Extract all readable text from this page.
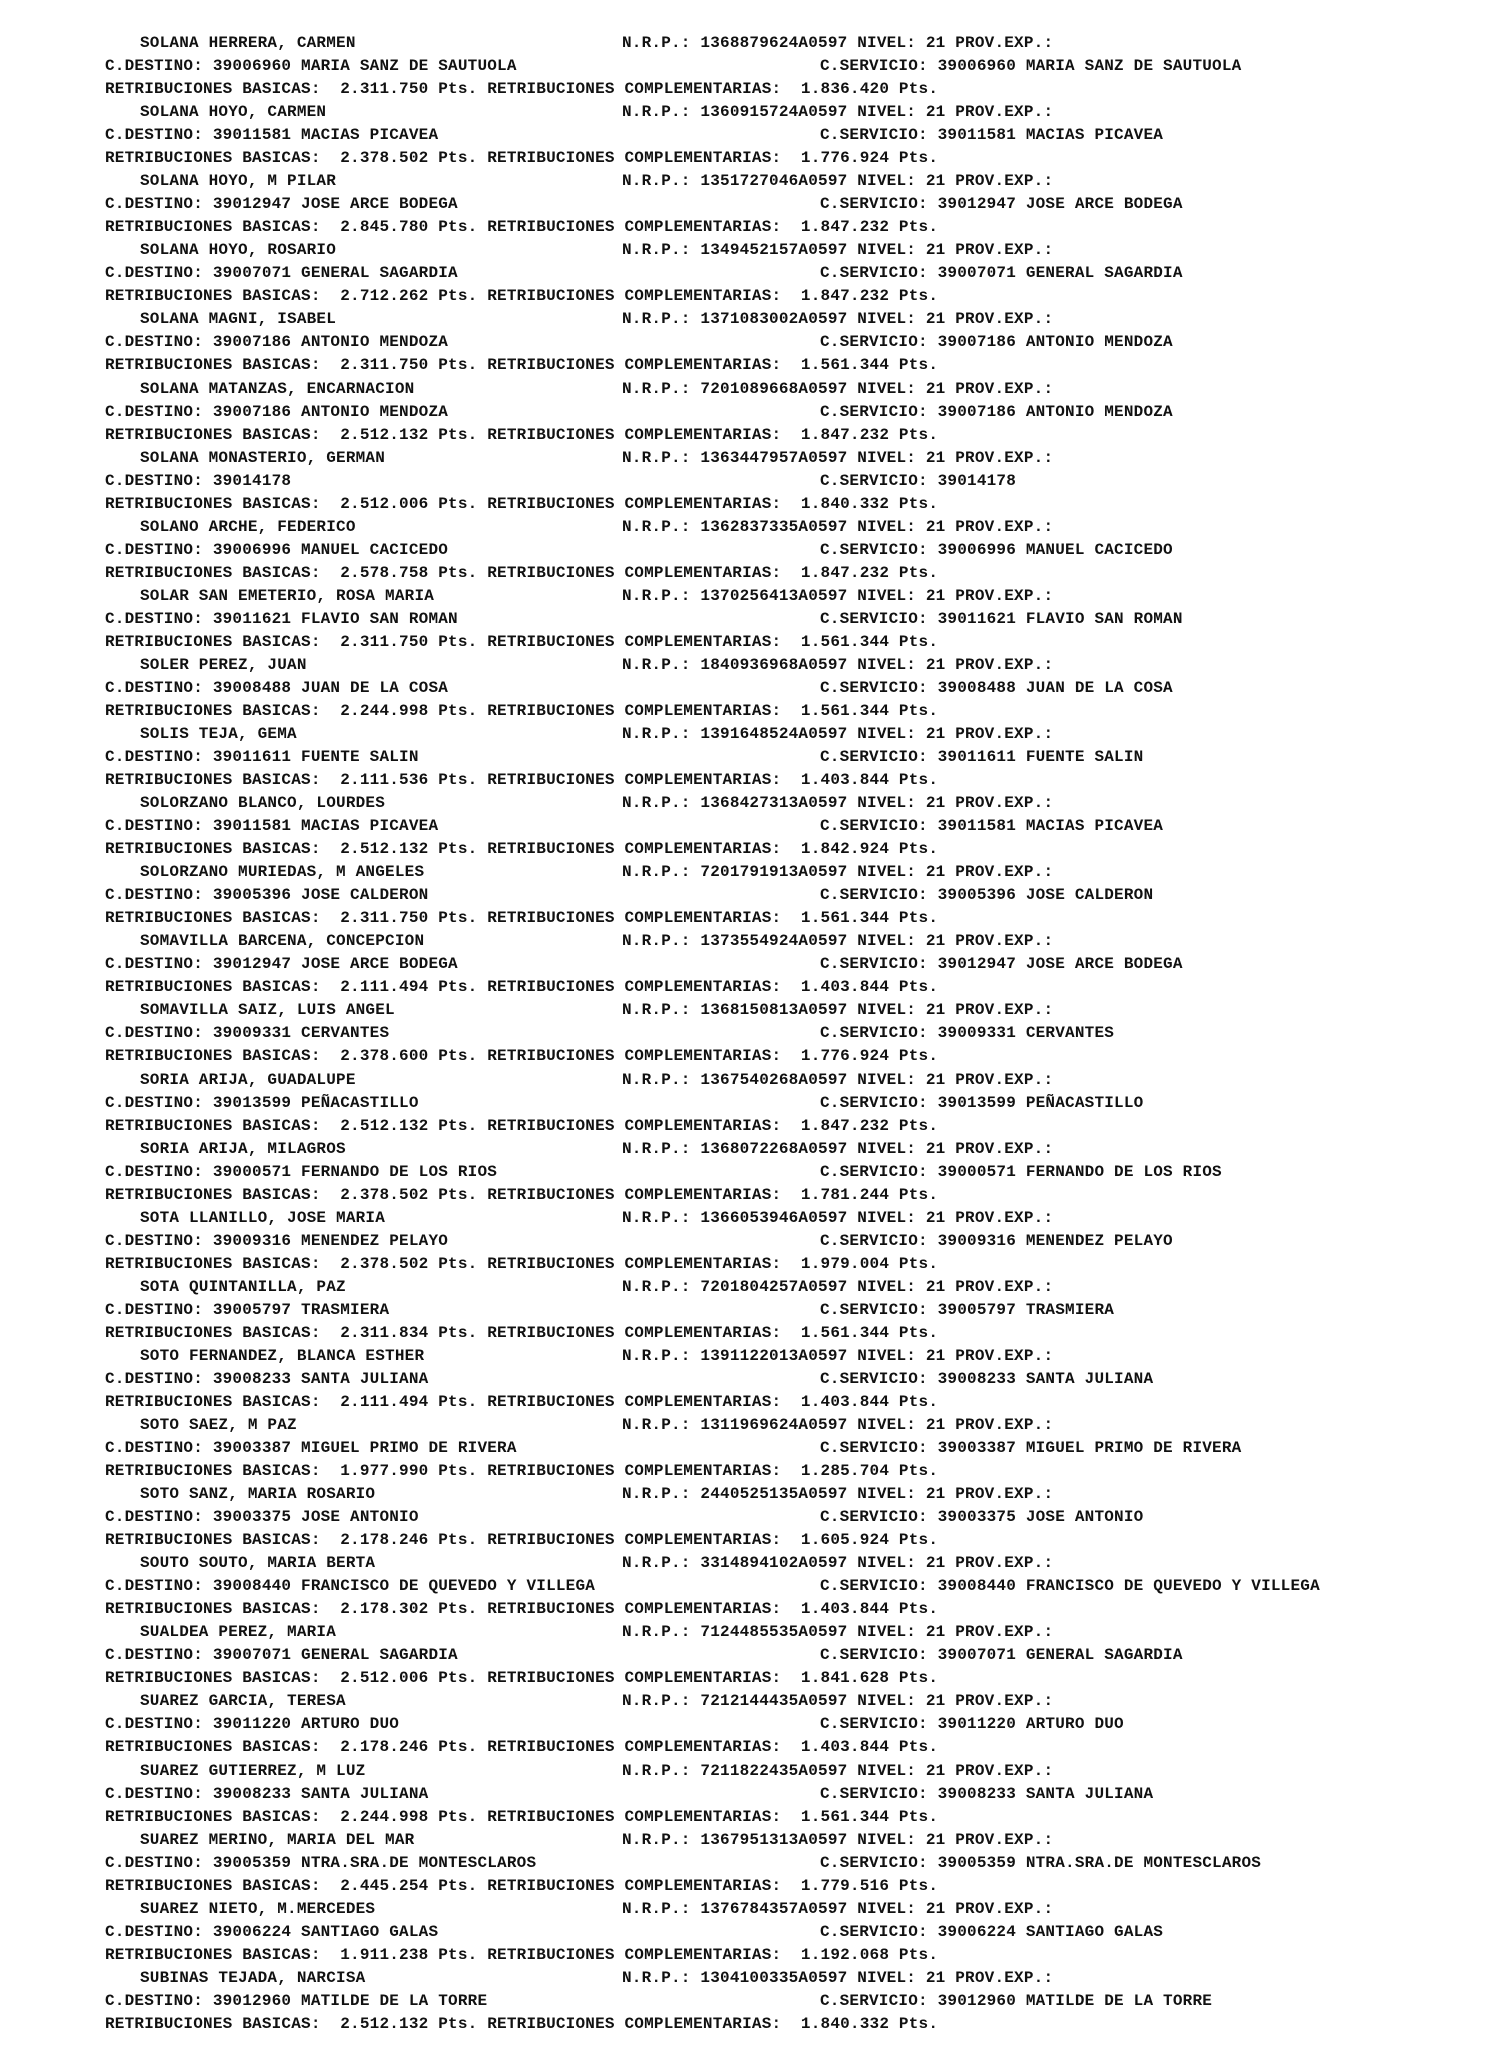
SOLANA HERRERA, CARMEN	N.R.P.: 1368879624A0597 NIVEL: 21 PROV.EXP.:
C.DESTINO: 39006960 MARIA SANZ DE SAUTUOLA	C.SERVICIO: 39006960 MARIA SANZ DE SAUTUOLA
RETRIBUCIONES BASICAS:  2.311.750 Pts. RETRIBUCIONES COMPLEMENTARIAS:  1.836.420 Pts.
SOLANA HOYO, CARMEN	N.R.P.: 1360915724A0597 NIVEL: 21 PROV.EXP.:
C.DESTINO: 39011581 MACIAS PICAVEA	C.SERVICIO: 39011581 MACIAS PICAVEA
RETRIBUCIONES BASICAS:  2.378.502 Pts. RETRIBUCIONES COMPLEMENTARIAS:  1.776.924 Pts.
SOLANA HOYO, M PILAR	N.R.P.: 1351727046A0597 NIVEL: 21 PROV.EXP.:
C.DESTINO: 39012947 JOSE ARCE BODEGA	C.SERVICIO: 39012947 JOSE ARCE BODEGA
RETRIBUCIONES BASICAS:  2.845.780 Pts. RETRIBUCIONES COMPLEMENTARIAS:  1.847.232 Pts.
SOLANA HOYO, ROSARIO	N.R.P.: 1349452157A0597 NIVEL: 21 PROV.EXP.:
C.DESTINO: 39007071 GENERAL SAGARDIA	C.SERVICIO: 39007071 GENERAL SAGARDIA
RETRIBUCIONES BASICAS:  2.712.262 Pts. RETRIBUCIONES COMPLEMENTARIAS:  1.847.232 Pts.
SOLANA MAGNI, ISABEL	N.R.P.: 1371083002A0597 NIVEL: 21 PROV.EXP.:
C.DESTINO: 39007186 ANTONIO MENDOZA	C.SERVICIO: 39007186 ANTONIO MENDOZA
RETRIBUCIONES BASICAS:  2.311.750 Pts. RETRIBUCIONES COMPLEMENTARIAS:  1.561.344 Pts.
SOLANA MATANZAS, ENCARNACION	N.R.P.: 7201089668A0597 NIVEL: 21 PROV.EXP.:
C.DESTINO: 39007186 ANTONIO MENDOZA	C.SERVICIO: 39007186 ANTONIO MENDOZA
RETRIBUCIONES BASICAS:  2.512.132 Pts. RETRIBUCIONES COMPLEMENTARIAS:  1.847.232 Pts.
SOLANA MONASTERIO, GERMAN	N.R.P.: 1363447957A0597 NIVEL: 21 PROV.EXP.:
C.DESTINO: 39014178	C.SERVICIO: 39014178
RETRIBUCIONES BASICAS:  2.512.006 Pts. RETRIBUCIONES COMPLEMENTARIAS:  1.840.332 Pts.
SOLANO ARCHE, FEDERICO	N.R.P.: 1362837335A0597 NIVEL: 21 PROV.EXP.:
C.DESTINO: 39006996 MANUEL CACICEDO	C.SERVICIO: 39006996 MANUEL CACICEDO
RETRIBUCIONES BASICAS:  2.578.758 Pts. RETRIBUCIONES COMPLEMENTARIAS:  1.847.232 Pts.
SOLAR SAN EMETERIO, ROSA MARIA	N.R.P.: 1370256413A0597 NIVEL: 21 PROV.EXP.:
C.DESTINO: 39011621 FLAVIO SAN ROMAN	C.SERVICIO: 39011621 FLAVIO SAN ROMAN
RETRIBUCIONES BASICAS:  2.311.750 Pts. RETRIBUCIONES COMPLEMENTARIAS:  1.561.344 Pts.
SOLER PEREZ, JUAN	N.R.P.: 1840936968A0597 NIVEL: 21 PROV.EXP.:
C.DESTINO: 39008488 JUAN DE LA COSA	C.SERVICIO: 39008488 JUAN DE LA COSA
RETRIBUCIONES BASICAS:  2.244.998 Pts. RETRIBUCIONES COMPLEMENTARIAS:  1.561.344 Pts.
SOLIS TEJA, GEMA	N.R.P.: 1391648524A0597 NIVEL: 21 PROV.EXP.:
C.DESTINO: 39011611 FUENTE SALIN	C.SERVICIO: 39011611 FUENTE SALIN
RETRIBUCIONES BASICAS:  2.111.536 Pts. RETRIBUCIONES COMPLEMENTARIAS:  1.403.844 Pts.
SOLORZANO BLANCO, LOURDES	N.R.P.: 1368427313A0597 NIVEL: 21 PROV.EXP.:
C.DESTINO: 39011581 MACIAS PICAVEA	C.SERVICIO: 39011581 MACIAS PICAVEA
RETRIBUCIONES BASICAS:  2.512.132 Pts. RETRIBUCIONES COMPLEMENTARIAS:  1.842.924 Pts.
SOLORZANO MURIEDAS, M ANGELES	N.R.P.: 7201791913A0597 NIVEL: 21 PROV.EXP.:
C.DESTINO: 39005396 JOSE CALDERON	C.SERVICIO: 39005396 JOSE CALDERON
RETRIBUCIONES BASICAS:  2.311.750 Pts. RETRIBUCIONES COMPLEMENTARIAS:  1.561.344 Pts.
SOMAVILLA BARCENA, CONCEPCION	N.R.P.: 1373554924A0597 NIVEL: 21 PROV.EXP.:
C.DESTINO: 39012947 JOSE ARCE BODEGA	C.SERVICIO: 39012947 JOSE ARCE BODEGA
RETRIBUCIONES BASICAS:  2.111.494 Pts. RETRIBUCIONES COMPLEMENTARIAS:  1.403.844 Pts.
SOMAVILLA SAIZ, LUIS ANGEL	N.R.P.: 1368150813A0597 NIVEL: 21 PROV.EXP.:
C.DESTINO: 39009331 CERVANTES	C.SERVICIO: 39009331 CERVANTES
RETRIBUCIONES BASICAS:  2.378.600 Pts. RETRIBUCIONES COMPLEMENTARIAS:  1.776.924 Pts.
SORIA ARIJA, GUADALUPE	N.R.P.: 1367540268A0597 NIVEL: 21 PROV.EXP.:
C.DESTINO: 39013599 PEÑACASTILLO	C.SERVICIO: 39013599 PEÑACASTILLO
RETRIBUCIONES BASICAS:  2.512.132 Pts. RETRIBUCIONES COMPLEMENTARIAS:  1.847.232 Pts.
SORIA ARIJA, MILAGROS	N.R.P.: 1368072268A0597 NIVEL: 21 PROV.EXP.:
C.DESTINO: 39000571 FERNANDO DE LOS RIOS	C.SERVICIO: 39000571 FERNANDO DE LOS RIOS
RETRIBUCIONES BASICAS:  2.378.502 Pts. RETRIBUCIONES COMPLEMENTARIAS:  1.781.244 Pts.
SOTA LLANILLO, JOSE MARIA	N.R.P.: 1366053946A0597 NIVEL: 21 PROV.EXP.:
C.DESTINO: 39009316 MENENDEZ PELAYO	C.SERVICIO: 39009316 MENENDEZ PELAYO
RETRIBUCIONES BASICAS:  2.378.502 Pts. RETRIBUCIONES COMPLEMENTARIAS:  1.979.004 Pts.
SOTA QUINTANILLA, PAZ	N.R.P.: 7201804257A0597 NIVEL: 21 PROV.EXP.:
C.DESTINO: 39005797 TRASMIERA	C.SERVICIO: 39005797 TRASMIERA
RETRIBUCIONES BASICAS:  2.311.834 Pts. RETRIBUCIONES COMPLEMENTARIAS:  1.561.344 Pts.
SOTO FERNANDEZ, BLANCA ESTHER	N.R.P.: 1391122013A0597 NIVEL: 21 PROV.EXP.:
C.DESTINO: 39008233 SANTA JULIANA	C.SERVICIO: 39008233 SANTA JULIANA
RETRIBUCIONES BASICAS:  2.111.494 Pts. RETRIBUCIONES COMPLEMENTARIAS:  1.403.844 Pts.
SOTO SAEZ, M PAZ	N.R.P.: 1311969624A0597 NIVEL: 21 PROV.EXP.:
C.DESTINO: 39003387 MIGUEL PRIMO DE RIVERA	C.SERVICIO: 39003387 MIGUEL PRIMO DE RIVERA
RETRIBUCIONES BASICAS:  1.977.990 Pts. RETRIBUCIONES COMPLEMENTARIAS:  1.285.704 Pts.
SOTO SANZ, MARIA ROSARIO	N.R.P.: 2440525135A0597 NIVEL: 21 PROV.EXP.:
C.DESTINO: 39003375 JOSE ANTONIO	C.SERVICIO: 39003375 JOSE ANTONIO
RETRIBUCIONES BASICAS:  2.178.246 Pts. RETRIBUCIONES COMPLEMENTARIAS:  1.605.924 Pts.
SOUTO SOUTO, MARIA BERTA	N.R.P.: 3314894102A0597 NIVEL: 21 PROV.EXP.:
C.DESTINO: 39008440 FRANCISCO DE QUEVEDO Y VILLEGA	C.SERVICIO: 39008440 FRANCISCO DE QUEVEDO Y VILLEGA
RETRIBUCIONES BASICAS:  2.178.302 Pts. RETRIBUCIONES COMPLEMENTARIAS:  1.403.844 Pts.
SUALDEA PEREZ, MARIA	N.R.P.: 7124485535A0597 NIVEL: 21 PROV.EXP.:
C.DESTINO: 39007071 GENERAL SAGARDIA	C.SERVICIO: 39007071 GENERAL SAGARDIA
RETRIBUCIONES BASICAS:  2.512.006 Pts. RETRIBUCIONES COMPLEMENTARIAS:  1.841.628 Pts.
SUAREZ GARCIA, TERESA	N.R.P.: 7212144435A0597 NIVEL: 21 PROV.EXP.:
C.DESTINO: 39011220 ARTURO DUO	C.SERVICIO: 39011220 ARTURO DUO
RETRIBUCIONES BASICAS:  2.178.246 Pts. RETRIBUCIONES COMPLEMENTARIAS:  1.403.844 Pts.
SUAREZ GUTIERREZ, M LUZ	N.R.P.: 7211822435A0597 NIVEL: 21 PROV.EXP.:
C.DESTINO: 39008233 SANTA JULIANA	C.SERVICIO: 39008233 SANTA JULIANA
RETRIBUCIONES BASICAS:  2.244.998 Pts. RETRIBUCIONES COMPLEMENTARIAS:  1.561.344 Pts.
SUAREZ MERINO, MARIA DEL MAR	N.R.P.: 1367951313A0597 NIVEL: 21 PROV.EXP.:
C.DESTINO: 39005359 NTRA.SRA.DE MONTESCLAROS	C.SERVICIO: 39005359 NTRA.SRA.DE MONTESCLAROS
RETRIBUCIONES BASICAS:  2.445.254 Pts. RETRIBUCIONES COMPLEMENTARIAS:  1.779.516 Pts.
SUAREZ NIETO, M.MERCEDES	N.R.P.: 1376784357A0597 NIVEL: 21 PROV.EXP.:
C.DESTINO: 39006224 SANTIAGO GALAS	C.SERVICIO: 39006224 SANTIAGO GALAS
RETRIBUCIONES BASICAS:  1.911.238 Pts. RETRIBUCIONES COMPLEMENTARIAS:  1.192.068 Pts.
SUBINAS TEJADA, NARCISA	N.R.P.: 1304100335A0597 NIVEL: 21 PROV.EXP.:
C.DESTINO: 39012960 MATILDE DE LA TORRE	C.SERVICIO: 39012960 MATILDE DE LA TORRE
RETRIBUCIONES BASICAS:  2.512.132 Pts. RETRIBUCIONES COMPLEMENTARIAS:  1.840.332 Pts.
